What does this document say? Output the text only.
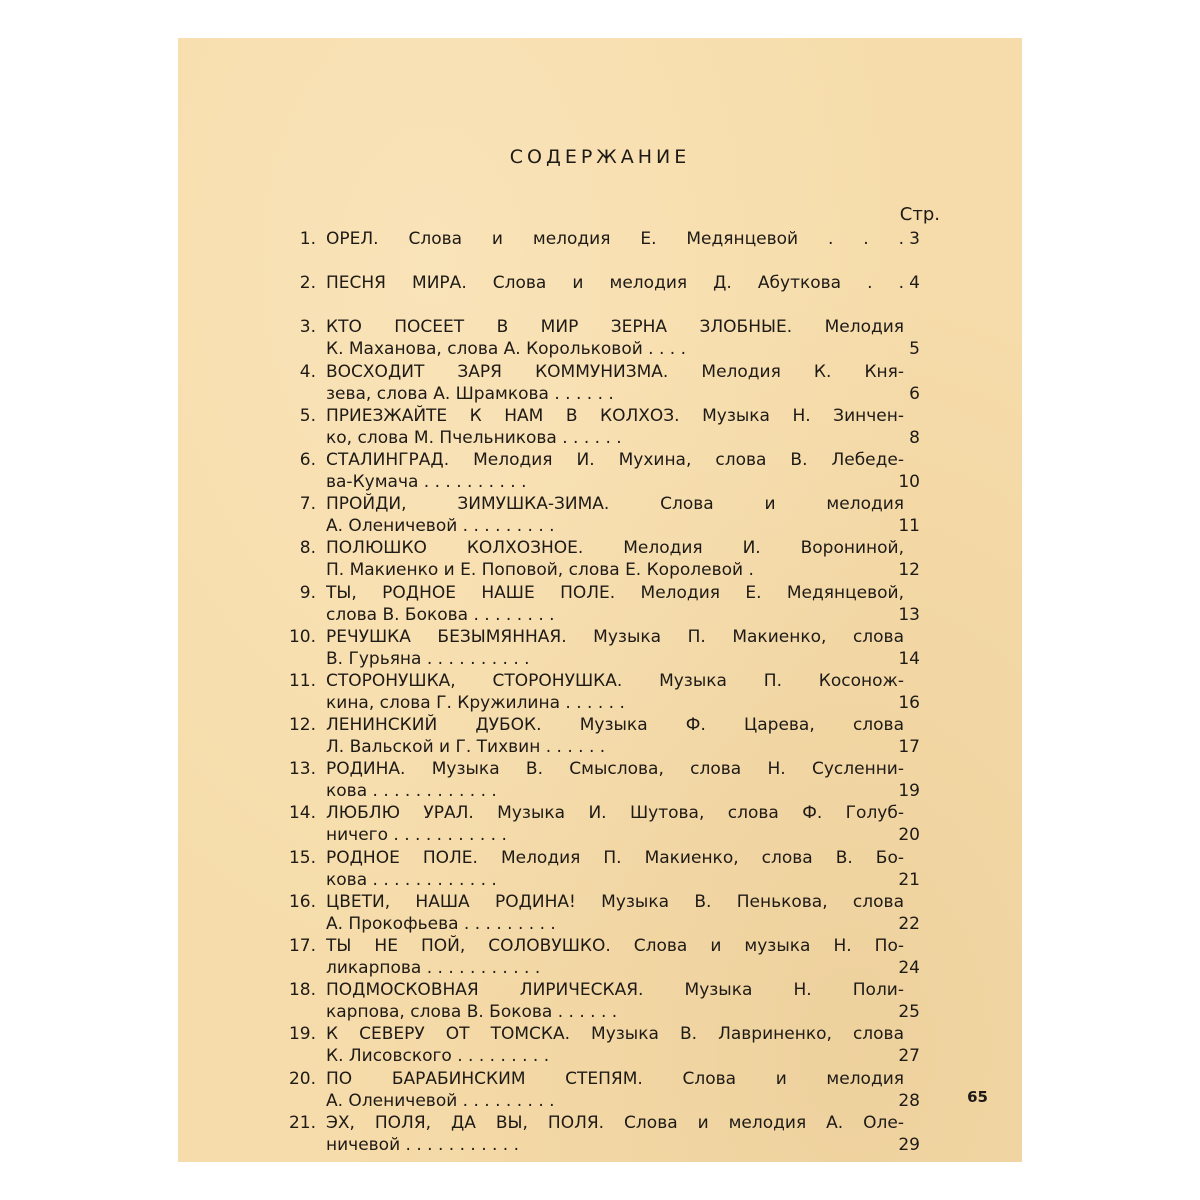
СОДЕРЖАНИЕ
Стр.
1. ОРЕЛ. Слова и мелодия Е. Медянцевой . . . 3
2. ПЕСНЯ МИРА. Слова и мелодия Д. Абуткова . . 4
3. КТО ПОСЕЕТ В МИР ЗЕРНА ЗЛОБНЫЕ. Мелодия
К. Маханова, слова А. Корольковой . . . .	5
4. ВОСХОДИТ ЗАРЯ КОММУНИЗМА. Мелодия К. Кня-
зева, слова А. Шрамкова . . . . . .	6
5. ПРИЕЗЖАЙТЕ К НАМ В КОЛХОЗ. Музыка Н. Зинчен-
ко, слова М. Пчельникова . . . . . .	8
6. СТАЛИНГРАД. Мелодия И. Мухина, слова В. Лебеде-
ва-Кумача . . . . . . . . . .	10
7. ПРОЙДИ, ЗИМУШКА-ЗИМА. Слова и мелодия
А. Оленичевой . . . . . . . . .	11
8. ПОЛЮШКО КОЛХОЗНОЕ. Мелодия И. Ворониной,
П. Макиенко и Е. Поповой, слова Е. Королевой .	12
9. ТЫ, РОДНОЕ НАШЕ ПОЛЕ. Мелодия Е. Медянцевой,
слова В. Бокова . . . . . . . .	13
10. РЕЧУШКА БЕЗЫМЯННАЯ. Музыка П. Макиенко, слова
В. Гурьяна . . . . . . . . . .	14
11. СТОРОНУШКА, СТОРОНУШКА. Музыка П. Косонож-
кина, слова Г. Кружилина . . . . . .	16
12. ЛЕНИНСКИЙ ДУБОК. Музыка Ф. Царева, слова
Л. Вальской и Г. Тихвин . . . . . .	17
13. РОДИНА. Музыка В. Смыслова, слова Н. Сусленни-
кова . . . . . . . . . . . .	19
14. ЛЮБЛЮ УРАЛ. Музыка И. Шутова, слова Ф. Голуб-
ничего . . . . . . . . . . .	20
15. РОДНОЕ ПОЛЕ. Мелодия П. Макиенко, слова В. Бо-
кова . . . . . . . . . . . .	21
16. ЦВЕТИ, НАША РОДИНА! Музыка В. Пенькова, слова
А. Прокофьева . . . . . . . . .	22
17. ТЫ НЕ ПОЙ, СОЛОВУШКО. Слова и музыка Н. По-
ликарпова . . . . . . . . . . .	24
18. ПОДМОСКОВНАЯ ЛИРИЧЕСКАЯ. Музыка Н. Поли-
карпова, слова В. Бокова . . . . . .	25
19. К СЕВЕРУ ОТ ТОМСКА. Музыка В. Лавриненко, слова
К. Лисовского . . . . . . . . .	27
20. ПО БАРАБИНСКИМ СТЕПЯМ. Слова и мелодия
А. Оленичевой . . . . . . . . .	28
21. ЭХ, ПОЛЯ, ДА ВЫ, ПОЛЯ. Слова и мелодия А. Оле-
ничевой . . . . . . . . . . .	29
65
